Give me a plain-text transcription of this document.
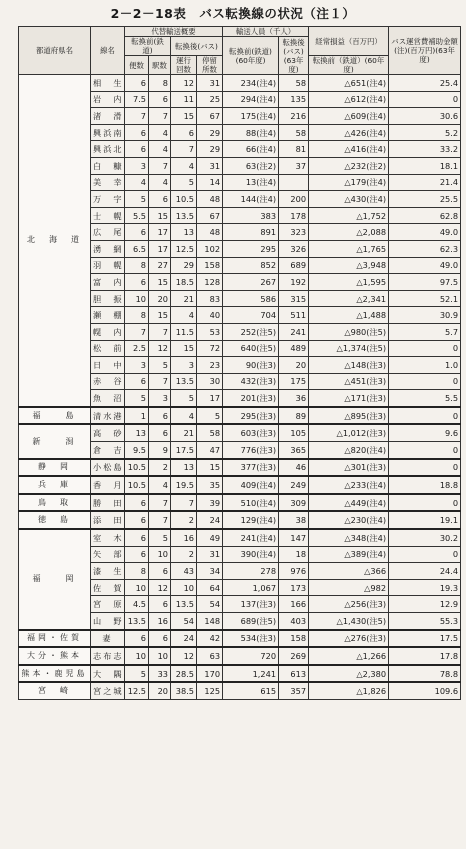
2－2－18表　バス転換線の状況（注１）
都道府県名	線名	代替輸送概要				輸送人員（千人）		経常損益（百万円）	バス運営費補助金額(注)(百万円)(63年度)
		転換前(鉄道)		転換後(バス)		転換前(鉄道)(60年度)	転換後(バス)(63年度)		
		便数	駅数	運行回数	停留所数			転換前（鉄道）(60年度)	
北　海　道	相　生	6	8	12	31	234(注4)	58	△651(注4)	25.4
	岩　内	7.5	6	11	25	294(注4)	135	△612(注4)	0
	渚　滑	7	7	15	67	175(注4)	216	△609(注4)	30.6
	興浜南	6	4	6	29	88(注4)	58	△426(注4)	5.2
	興浜北	6	4	7	29	66(注4)	81	△416(注4)	33.2
	白　糠	3	7	4	31	63(注2)	37	△232(注2)	18.1
	美　幸	4	4	5	14	13(注4)		△179(注4)	21.4
	万　字	5	6	10.5	48	144(注4)	200	△430(注4)	25.5
	士　幌	5.5	15	13.5	67	383	178	△1,752	62.8
	広　尾	6	17	13	48	891	323	△2,088	49.0
	湧　網	6.5	17	12.5	102	295	326	△1,765	62.3
	羽　幌	8	27	29	158	852	689	△3,948	49.0
	富　内	6	15	18.5	128	267	192	△1,595	97.5
	胆　振	10	20	21	83	586	315	△2,341	52.1
	瀬　棚	8	15	4	40	704	511	△1,488	30.9
	幌　内	7	7	11.5	53	252(注5)	241	△980(注5)	5.7
	松　前	2.5	12	15	72	640(注5)	489	△1,374(注5)	0
	日　中	3	5	3	23	90(注3)	20	△148(注3)	1.0
	赤　谷	6	7	13.5	30	432(注3)	175	△451(注3)	0
	魚　沼	5	3	5	17	201(注3)	36	△171(注3)	5.5
福　　島	清水港	1	6	4	5	295(注3)	89	△895(注3)	0
新　　潟	高　砂	13	6	21	58	603(注3)	105	△1,012(注3)	9.6
	倉　吉	9.5	9	17.5	47	776(注3)	365	△820(注4)	0
静　岡	小松島	10.5	2	13	15	377(注3)	46	△301(注3)	0
兵　庫	香　月	10.5	4	19.5	35	409(注4)	249	△233(注4)	18.8
鳥　取	勝　田	6	7	7	39	510(注4)	309	△449(注4)	0
徳　島	添　田	6	7	2	24	129(注4)	38	△230(注4)	19.1
福　　岡	室　木	6	5	16	49	241(注4)	147	△348(注4)	30.2
	矢　部	6	10	2	31	390(注4)	18	△389(注4)	0
	漆　生	8	6	43	34	278	976	△366	24.4
	佐　賀	10	12	10	64	1,067	173	△982	19.3
	宮　原	4.5	6	13.5	54	137(注3)	166	△256(注3)	12.9
	山　野	13.5	16	54	148	689(注5)	403	△1,430(注5)	55.3
福岡・佐賀	妻	6	6	24	42	534(注3)	158	△276(注3)	17.5
大分・熊本	志布志	10	10	12	63	720	269	△1,266	17.8
熊本・鹿児島	大　隅	5	33	28.5	170	1,241	613	△2,380	78.8
宮　崎	宮之城	12.5	20	38.5	125	615	357	△1,826	109.6
